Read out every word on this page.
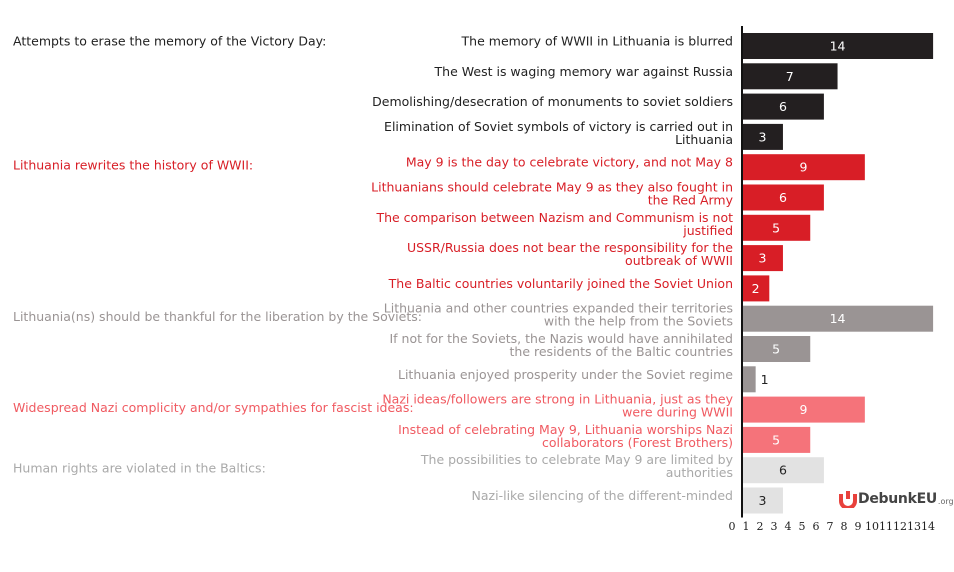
Attempts to erase the memory of the Victory Day:
Lithuania rewrites the history of WWII:
Lithuania(ns) should be thankful for the liberation by the Soviets:
Widespread Nazi complicity and/or sympathies for fascist ideas:
Human rights are violated in the Baltics:
The memory of WWII in Lithuania is blurred
The West is waging memory war against Russia
Demolishing/desecration of monuments to soviet soldiers
Elimination of Soviet symbols of victory is carried out in Lithuania
May 9 is the day to celebrate victory, and not May 8
Lithuanians should celebrate May 9 as they also fought in the Red Army
The comparison between Nazism and Communism is not justified
USSR/Russia does not bear the responsibility for the outbreak of WWII
The Baltic countries voluntarily joined the Soviet Union
Lithuania and other countries expanded their territories with the help from the Soviets
If not for the Soviets, the Nazis would have annihilated the residents of the Baltic countries
Lithuania enjoyed prosperity under the Soviet regime
Nazi ideas/followers are strong in Lithuania, just as they were during WWII
Instead of celebrating May 9, Lithuania worships Nazi collaborators (Forest Brothers)
The possibilities to celebrate May 9 are limited by authorities
Nazi-like silencing of the different-minded
14
7
6
3
9
6
5
3
2
14
5
1
9
5
6
3
0 1 2 3 4 5 6 7 8 9 10 11 12 13 14
DebunkEU .org
